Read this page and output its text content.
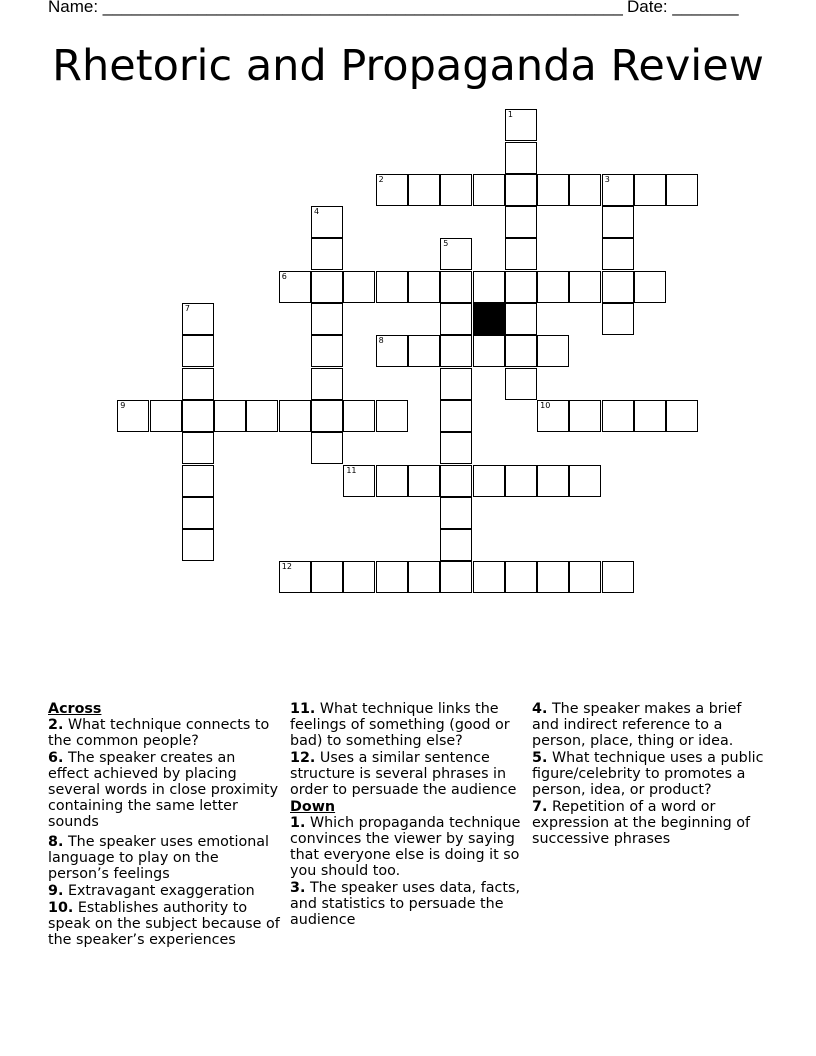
Name: _______________________________________________________ Date: _______
Rhetoric and Propaganda Review
1
2	3
4
5
6
7
8
9	10
11
12

Across

2. What technique connects to the common people?
6. The speaker creates an effect achieved by placing several words in close proximity containing the same letter sounds
8. The speaker uses emotional language to play on the person’s feelings
9. Extravagant exaggeration
10. Establishes authority to speak on the subject because of the speaker’s experiences
11. What technique links the feelings of something (good or bad) to something else?
12. Uses a similar sentence structure is several phrases in order to persuade the audience

Down

1. Which propaganda technique convinces the viewer by saying that everyone else is doing it so you should too.
3. The speaker uses data, facts, and statistics to persuade the audience
4. The speaker makes a brief and indirect reference to a person, place, thing or idea.
5. What technique uses a public figure/celebrity to promotes a person, idea, or product?
7. Repetition of a word or expression at the beginning of successive phrases
